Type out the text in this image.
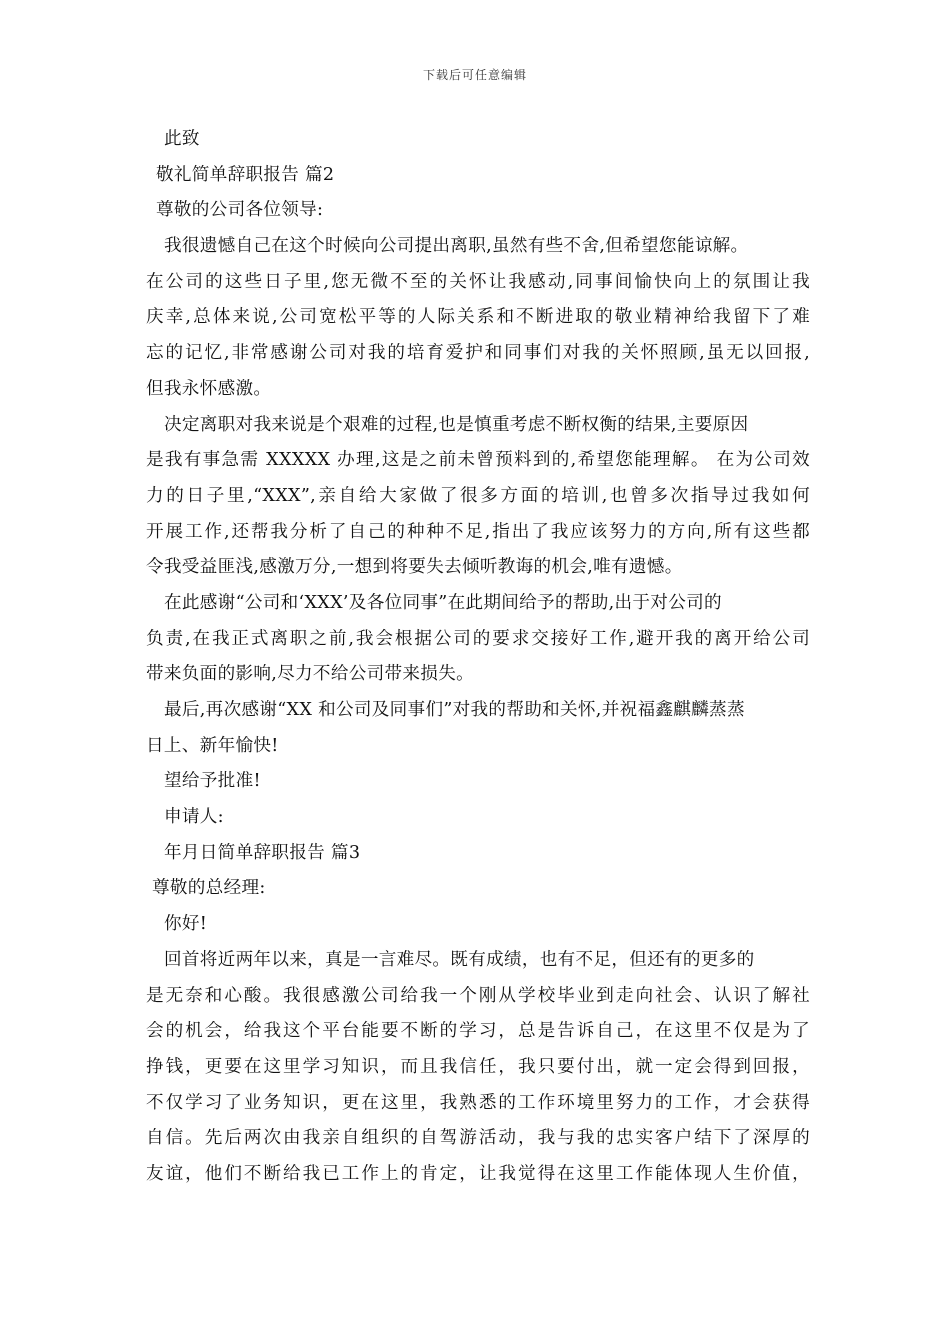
下载后可任意编辑
此致
敬礼简单辞职报告 篇2
尊敬的公司各位领导:
我很遗憾自己在这个时候向公司提出离职,虽然有些不舍,但希望您能谅解。
在公司的这些日子里,您无微不至的关怀让我感动,同事间愉快向上的氛围让我
庆幸,总体来说,公司宽松平等的人际关系和不断进取的敬业精神给我留下了难
忘的记忆,非常感谢公司对我的培育爱护和同事们对我的关怀照顾,虽无以回报,
但我永怀感激。
决定离职对我来说是个艰难的过程,也是慎重考虑不断权衡的结果,主要原因
是我有事急需 XXXXX 办理,这是之前未曾预料到的,希望您能理解。 在为公司效
力的日子里,“XXX”,亲自给大家做了很多方面的培训,也曾多次指导过我如何
开展工作,还帮我分析了自己的种种不足,指出了我应该努力的方向,所有这些都
令我受益匪浅,感激万分,一想到将要失去倾听教诲的机会,唯有遗憾。
在此感谢“公司和‘XXX’及各位同事”在此期间给予的帮助,出于对公司的
负责,在我正式离职之前,我会根据公司的要求交接好工作,避开我的离开给公司
带来负面的影响,尽力不给公司带来损失。
最后,再次感谢“XX 和公司及同事们”对我的帮助和关怀,并祝福鑫麒麟蒸蒸
日上、新年愉快!
望给予批准!
申请人:
年月日简单辞职报告 篇3
尊敬的总经理:
你好!
回首将近两年以来，真是一言难尽。既有成绩，也有不足，但还有的更多的
是无奈和心酸。我很感激公司给我一个刚从学校毕业到走向社会、认识了解社
会的机会，给我这个平台能要不断的学习，总是告诉自己，在这里不仅是为了
挣钱，更要在这里学习知识，而且我信任，我只要付出，就一定会得到回报，
不仅学习了业务知识，更在这里，我熟悉的工作环境里努力的工作，才会获得
自信。先后两次由我亲自组织的自驾游活动，我与我的忠实客户结下了深厚的
友谊，他们不断给我已工作上的肯定，让我觉得在这里工作能体现人生价值，
